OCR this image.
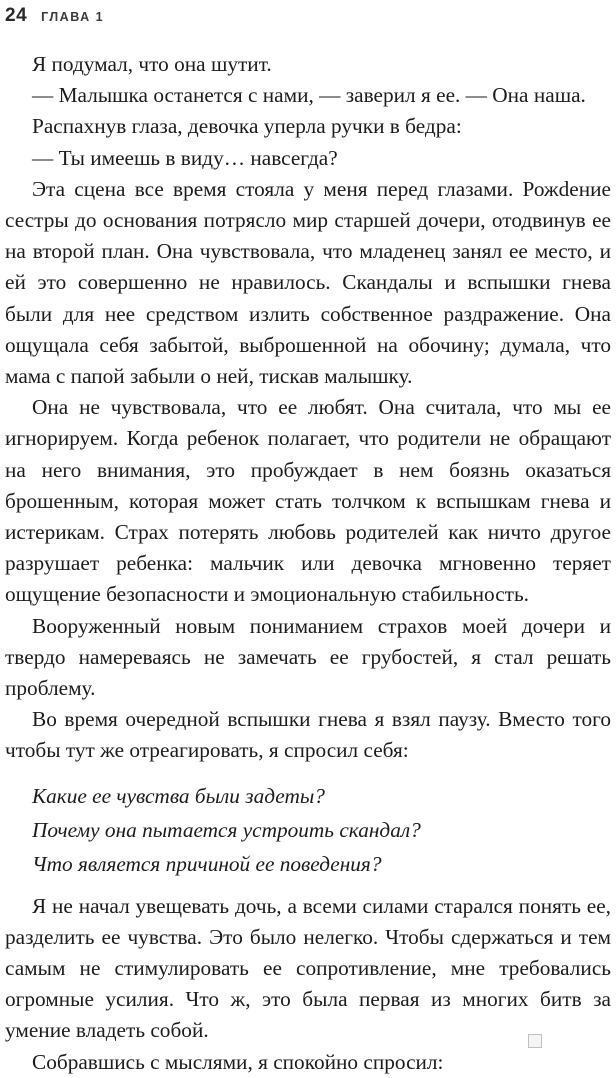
24 ГЛАВА 1

Я подумал, что она шутит.

— Малышка останется с нами, — заверил я ее. — Она наша.

Распахнув глаза, девочка уперла ручки в бедра:

— Ты имеешь в виду… навсегда?

Эта сцена все время стояла у меня перед глазами. Рожdение сестры до основания потрясло мир старшей дочери, отодвинув ее на второй план. Она чувствовала, что младенец занял ее место, и ей это совершенно не нравилось. Скандалы и вспышки гнева были для нее средством излить собственное раздражение. Она ощущала себя забытой, выброшенной на обочину; думала, что мама с папой забыли о ней, тискав малышку.

Она не чувствовала, что ее любят. Она считала, что мы ее игнорируем. Когда ребенок полагает, что родители не обращают на него внимания, это пробуждает в нем боязнь оказаться брошенным, которая может стать толчком к вспышкам гнева и истерикам. Страх потерять любовь родителей как ничто другое разрушает ребенка: мальчик или девочка мгновенно теряет ощущение безопасности и эмоциональную стабильность.

Вооруженный новым пониманием страхов моей дочери и твердо намереваясь не замечать ее грубостей, я стал решать проблему.

Во время очередной вспышки гнева я взял паузу. Вместо того чтобы тут же отреагировать, я спросил себя:

Какие ее чувства были задеты?

Почему она пытается устроить скандал?

Что является причиной ее поведения?

Я не начал увещевать дочь, а всеми силами старался понять ее, разделить ее чувства. Это было нелегко. Чтобы сдержаться и тем самым не стимулировать ее сопротивление, мне требовались огромные усилия. Что ж, это была первая из многих битв за умение владеть собой.

Собравшись с мыслями, я спокойно спросил:
